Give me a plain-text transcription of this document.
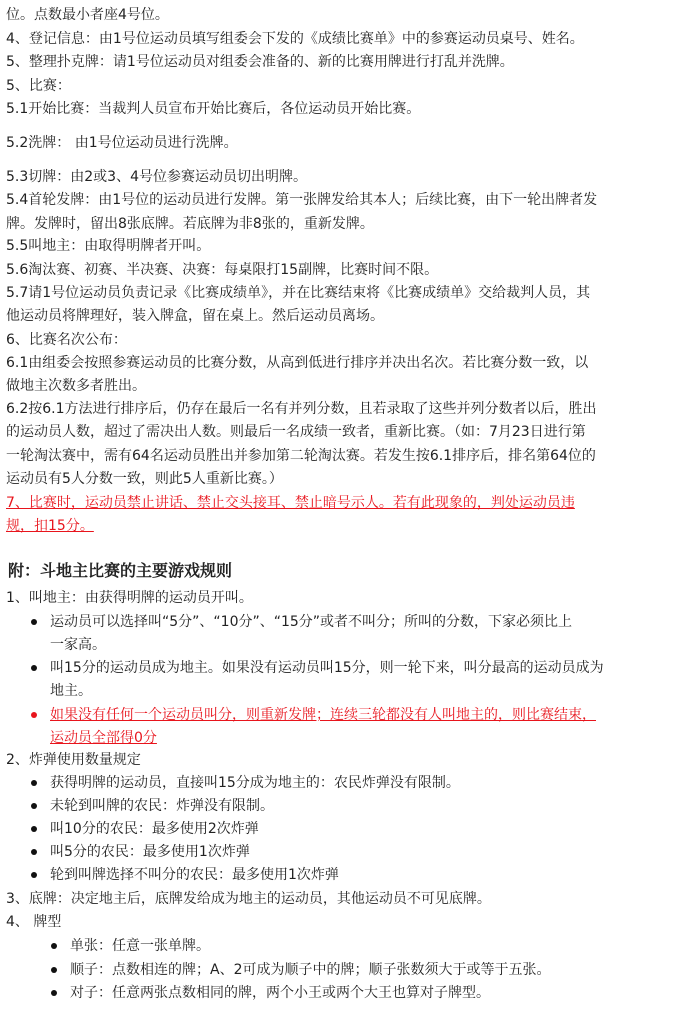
位。点数最小者座4号位。
4、登记信息：由1号位运动员填写组委会下发的《成绩比赛单》中的参赛运动员桌号、姓名。
5、整理扑克牌：请1号位运动员对组委会准备的、新的比赛用牌进行打乱并洗牌。
5、比赛：
5.1开始比赛：当裁判人员宣布开始比赛后，各位运动员开始比赛。
5.2洗牌： 由1号位运动员进行洗牌。
5.3切牌：由2或3、4号位参赛运动员切出明牌。
5.4首轮发牌：由1号位的运动员进行发牌。第一张牌发给其本人；后续比赛，由下一轮出牌者发
牌。发牌时，留出8张底牌。若底牌为非8张的，重新发牌。
5.5叫地主：由取得明牌者开叫。
5.6淘汰赛、初赛、半决赛、决赛：每桌限打15副牌，比赛时间不限。
5.7请1号位运动员负责记录《比赛成绩单》，并在比赛结束将《比赛成绩单》交给裁判人员，其
他运动员将牌理好，装入牌盒，留在桌上。然后运动员离场。
6、比赛名次公布：
6.1由组委会按照参赛运动员的比赛分数，从高到低进行排序并决出名次。若比赛分数一致，以
做地主次数多者胜出。
6.2按6.1方法进行排序后，仍存在最后一名有并列分数，且若录取了这些并列分数者以后，胜出
的运动员人数，超过了需决出人数。则最后一名成绩一致者，重新比赛。（如：7月23日进行第
一轮淘汰赛中，需有64名运动员胜出并参加第二轮淘汰赛。若发生按6.1排序后，排名第64位的
运动员有5人分数一致，则此5人重新比赛。）
7、比赛时，运动员禁止讲话、禁止交头接耳、禁止暗号示人。若有此现象的，判处运动员违
规，扣15分。
附：斗地主比赛的主要游戏规则
1、叫地主：由获得明牌的运动员开叫。
运动员可以选择叫“5分”、“10分”、“15分”或者不叫分；所叫的分数，下家必须比上
一家高。
叫15分的运动员成为地主。如果没有运动员叫15分，则一轮下来，叫分最高的运动员成为
地主。
如果没有任何一个运动员叫分，则重新发牌；连续三轮都没有人叫地主的，则比赛结束，
运动员全部得0分
2、炸弹使用数量规定
获得明牌的运动员，直接叫15分成为地主的：农民炸弹没有限制。
未轮到叫牌的农民：炸弹没有限制。
叫10分的农民：最多使用2次炸弹
叫5分的农民：最多使用1次炸弹
轮到叫牌选择不叫分的农民：最多使用1次炸弹
3、底牌：决定地主后，底牌发给成为地主的运动员，其他运动员不可见底牌。
4、 牌型
单张：任意一张单牌。
顺子：点数相连的牌；A、2可成为顺子中的牌；顺子张数须大于或等于五张。
对子：任意两张点数相同的牌，两个小王或两个大王也算对子牌型。
